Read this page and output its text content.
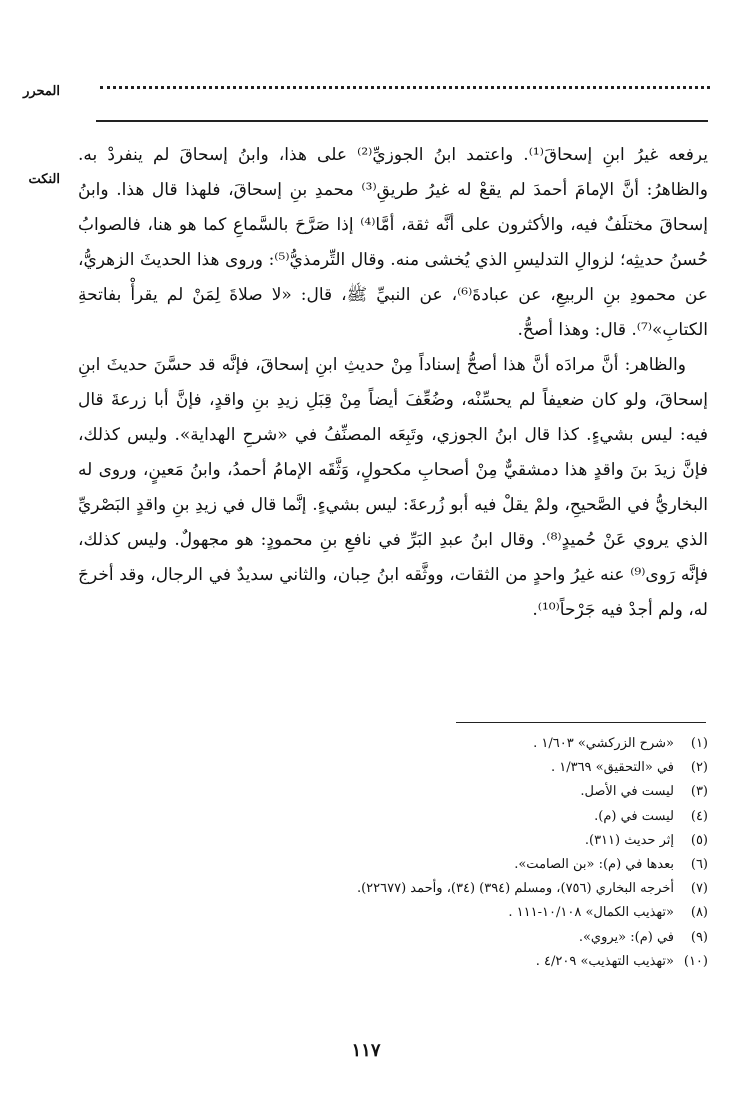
المحرر
النكت

يرفعه غيرُ ابنِ إسحاقَ⁽¹⁾. واعتمد ابنُ الجوزيِّ⁽²⁾ على هذا، وابنُ إسحاقَ لم ينفردْ به. والظاهرُ: أنَّ الإمامَ أحمدَ لم يقعْ له غيرُ طريقِ⁽³⁾ محمدِ بنِ إسحاقَ، فلهذا قال هذا. وابنُ إسحاقَ مختلَفٌ فيه، والأكثرون على أنَّه ثقة، أمَّا⁽⁴⁾ إذا صَرَّحَ بالسَّماعِ كما هو هنا، فالصوابُ حُسنُ حديثِه؛ لزوالِ التدليسِ الذي يُخشى منه. وقال التِّرمذيُّ⁽⁵⁾: وروى هذا الحديثَ الزهريُّ، عن محمودِ بنِ الربيعِ، عن عبادةَ⁽⁶⁾، عن النبيِّ ﷺ، قال: «لا صلاةَ لِمَنْ لم يقرأْ بفاتحةِ الكتابِ»⁽⁷⁾. قال: وهذا أصحُّ.

والظاهر: أنَّ مرادَه أنَّ هذا أصحُّ إسناداً مِنْ حديثِ ابنِ إسحاقَ، فإنَّه قد حسَّنَ حديثَ ابنِ إسحاقَ، ولو كان ضعيفاً لم يحسِّنْه، وضُعِّفَ أيضاً مِنْ قِبَلِ زيدِ بنِ واقدٍ، فإنَّ أبا زرعةَ قال فيه: ليس بشيءٍ. كذا قال ابنُ الجوزي، وتَبِعَه المصنِّفُ في «شرحِ الهداية». وليس كذلك، فإنَّ زيدَ بنَ واقدٍ هذا دمشقيٌّ مِنْ أصحابِ مكحولٍ، وَثَّقَه الإمامُ أحمدُ، وابنُ مَعينٍ، وروى له البخاريُّ في الصَّحيحِ، ولمْ يقلْ فيه أبو زُرعةَ: ليس بشيءٍ. إنَّما قال في زيدِ بنِ واقدٍ البَصْريِّ الذي يروي عَنْ حُميدٍ⁽⁸⁾. وقال ابنُ عبدِ البَرِّ في نافعِ بنِ محمودٍ: هو مجهولٌ. وليس كذلك، فإنَّه رَوى⁽⁹⁾ عنه غيرُ واحدٍ من الثقات، ووثَّقه ابنُ حِبان، والثاني سديدٌ في الرجال، وقد أخرجَ له، ولم أجدْ فيه جَرْحاً⁽¹⁰⁾.

(١)«شرح الزركشي» ١/٦٠٣ .
(٢)في «التحقيق» ١/٣٦٩ .
(٣)ليست في الأصل.
(٤)ليست في (م).
(٥)إثر حديث (٣١١).
(٦)بعدها في (م): «بن الصامت».
(٧)أخرجه البخاري (٧٥٦)، ومسلم (٣٩٤) (٣٤)، وأحمد (٢٢٦٧٧).
(٨)«تهذيب الكمال» ١٠/١٠٨-١١١ .
(٩)في (م): «يروي».
(١٠)«تهذيب التهذيب» ٤/٢٠٩ .
١١٧
